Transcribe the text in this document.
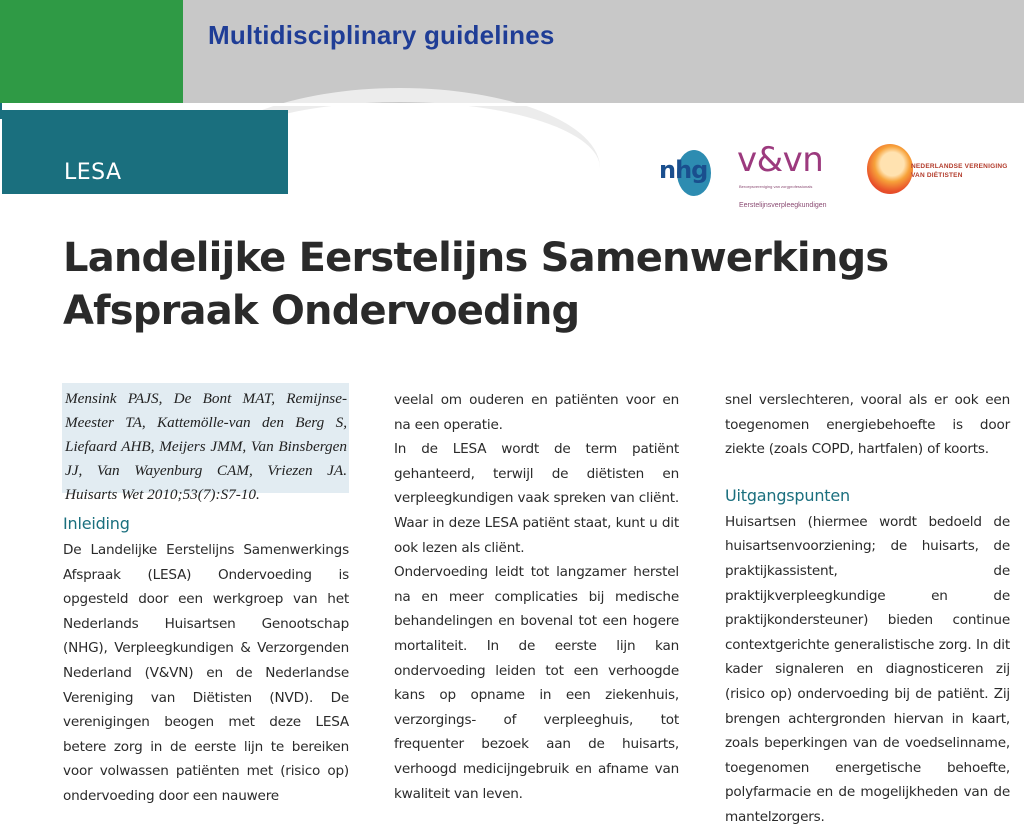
Multidisciplinary guidelines
LESA	nhg v&vn
Beroepsvereniging van zorgprofessionals
Eerstelijnsverpleegkundigen
NEDERLANDSE VERENIGING VAN DIËTISTEN
Landelijke Eerstelijns Samenwerkings Afspraak Ondervoeding
Mensink PAJS, De Bont MAT, Remijnse-Meester TA, Kattemölle-van den Berg S, Liefaard AHB, Meijers JMM, Van Binsbergen JJ, Van Wayenburg CAM, Vriezen JA. Huisarts Wet 2010;53(7):S7-10.
Inleiding

De Landelijke Eerstelijns Samenwerkings Afspraak (LESA) Ondervoeding is opgesteld door een werkgroep van het Nederlands Huisartsen Genootschap (NHG), Verpleegkundigen & Verzorgenden Nederland (V&VN) en de Nederlandse Vereniging van Diëtisten (NVD). De verenigingen beogen met deze LESA betere zorg in de eerste lijn te bereiken voor volwassen patiënten met (risico op) ondervoeding door een nauwere

veelal om ouderen en patiënten voor en na een operatie.

In de LESA wordt de term patiënt gehanteerd, terwijl de diëtisten en verpleegkundigen vaak spreken van cliënt. Waar in deze LESA patiënt staat, kunt u dit ook lezen als cliënt.

Ondervoeding leidt tot langzamer herstel na en meer complicaties bij medische behandelingen en bovenal tot een hogere mortaliteit. In de eerste lijn kan ondervoeding leiden tot een verhoogde kans op opname in een ziekenhuis, verzorgings- of verpleeghuis, tot frequenter bezoek aan de huisarts, verhoogd medicijngebruik en afname van kwaliteit van leven.

snel verslechteren, vooral als er ook een toegenomen energiebehoefte is door ziekte (zoals COPD, hartfalen) of koorts.

Uitgangspunten

Huisartsen (hiermee wordt bedoeld de huisartsenvoorziening; de huisarts, de praktijkassistent, de praktijkverpleegkundige en de praktijkondersteuner) bieden continue contextgerichte generalistische zorg. In dit kader signaleren en diagnosticeren zij (risico op) ondervoeding bij de patiënt. Zij brengen achtergronden hiervan in kaart, zoals beperkingen van de voedselinname, toegenomen energetische behoefte, polyfarmacie en de mogelijkheden van de mantelzorgers.
